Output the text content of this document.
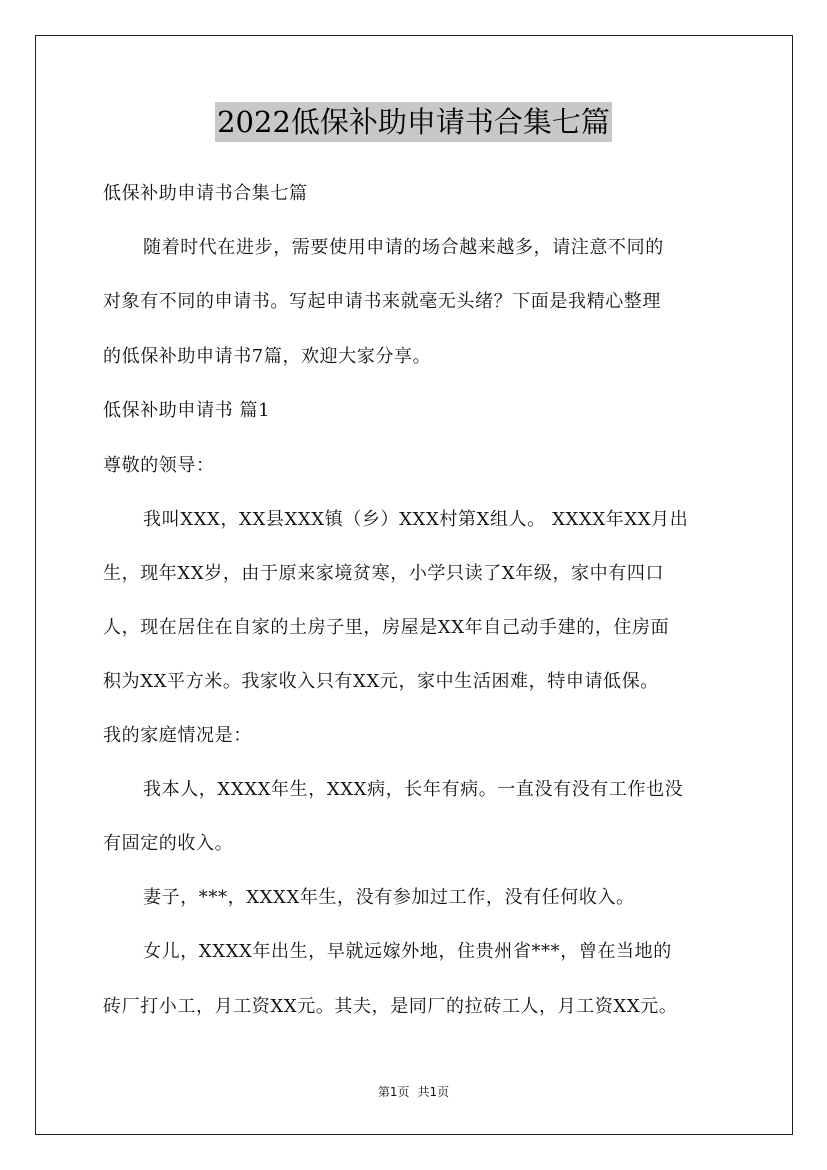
2022低保补助申请书合集七篇
低保补助申请书合集七篇
随着时代在进步，需要使用申请的场合越来越多，请注意不同的
对象有不同的申请书。写起申请书来就毫无头绪？下面是我精心整理
的低保补助申请书7篇，欢迎大家分享。
低保补助申请书 篇1
尊敬的领导：
我叫XXX，XX县XXX镇（乡）XXX村第X组人。 XXXX年XX月出
生，现年XX岁，由于原来家境贫寒，小学只读了X年级，家中有四口
人，现在居住在自家的土房子里，房屋是XX年自己动手建的，住房面
积为XX平方米。我家收入只有XX元，家中生活困难，特申请低保。
我的家庭情况是：
我本人，XXXX年生，XXX病，长年有病。一直没有没有工作也没
有固定的收入。
妻子，***，XXXX年生，没有参加过工作，没有任何收入。
女儿，XXXX年出生，早就远嫁外地，住贵州省***，曾在当地的
砖厂打小工，月工资XX元。其夫，是同厂的拉砖工人，月工资XX元。
第1页 共1页
